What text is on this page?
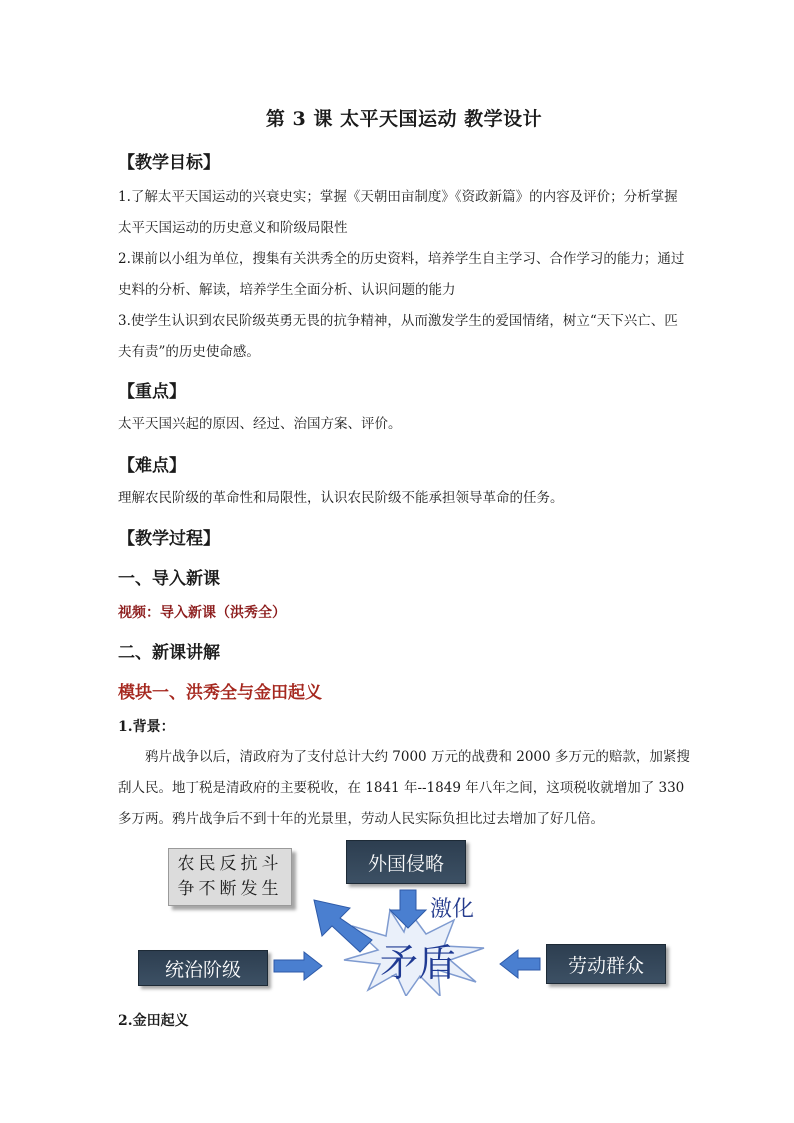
第 3 课 太平天国运动 教学设计
【教学目标】
1.了解太平天国运动的兴衰史实；掌握《天朝田亩制度》《资政新篇》的内容及评价；分析掌握太平天国运动的历史意义和阶级局限性
2.课前以小组为单位，搜集有关洪秀全的历史资料，培养学生自主学习、合作学习的能力；通过史料的分析、解读，培养学生全面分析、认识问题的能力
3.使学生认识到农民阶级英勇无畏的抗争精神，从而激发学生的爱国情绪，树立“天下兴亡、匹夫有责”的历史使命感。
【重点】
太平天国兴起的原因、经过、治国方案、评价。
【难点】
理解农民阶级的革命性和局限性，认识农民阶级不能承担领导革命的任务。
【教学过程】
一、导入新课
视频：导入新课（洪秀全）
二、新课讲解
模块一、洪秀全与金田起义
1.背景：
鸦片战争以后，清政府为了支付总计大约 7000 万元的战费和 2000 多万元的赔款，加紧搜刮人民。地丁税是清政府的主要税收，在 1841 年--1849 年八年之间，这项税收就增加了 330 多万两。鸦片战争后不到十年的光景里，劳动人民实际负担比过去增加了好几倍。
农民反抗斗
争不断发生
外国侵略
激化
矛盾
统治阶级	劳动群众
2.金田起义
